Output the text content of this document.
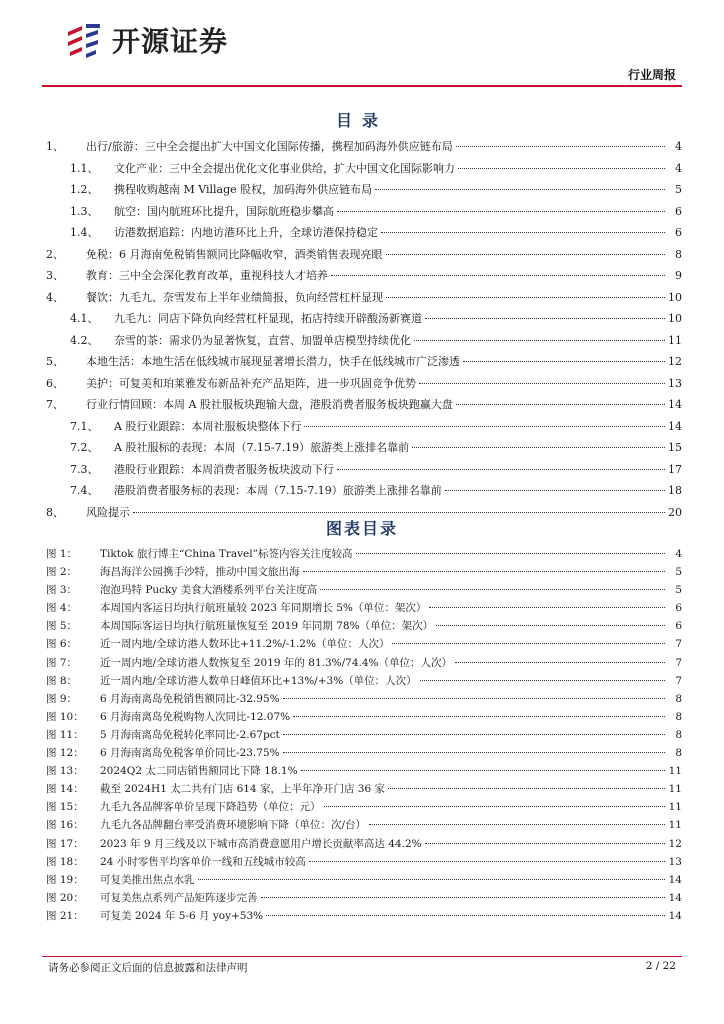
开源证券
行业周报
目录
1、	出行/旅游：三中全会提出扩大中国文化国际传播，携程加码海外供应链布局	4
1.1、	文化产业：三中全会提出优化文化事业供给，扩大中国文化国际影响力	4
1.2、	携程收购越南 M Village 股权，加码海外供应链布局	5
1.3、	航空：国内航班环比提升，国际航班稳步攀高	6
1.4、	访港数据追踪：内地访港环比上升，全球访港保持稳定	6
2、	免税：6 月海南免税销售额同比降幅收窄，酒类销售表现亮眼	8
3、	教育：三中全会深化教育改革，重视科技人才培养	9
4、	餐饮：九毛九、奈雪发布上半年业绩简报，负向经营杠杆显现	10
4.1、	九毛九：同店下降负向经营杠杆显现，拓店持续开辟酸汤新赛道	10
4.2、	奈雪的茶：需求仍为显著恢复，直营、加盟单店模型持续优化	11
5、	本地生活：本地生活在低线城市展现显著增长潜力，快手在低线城市广泛渗透	12
6、	美护：可复美和珀莱雅发布新品补充产品矩阵，进一步巩固竞争优势	13
7、	行业行情回顾：本周 A 股社服板块跑输大盘，港股消费者服务板块跑赢大盘	14
7.1、	A 股行业跟踪：本周社服板块整体下行	14
7.2、	A 股社服标的表现：本周（7.15-7.19）旅游类上涨排名靠前	15
7.3、	港股行业跟踪：本周消费者服务板块波动下行	17
7.4、	港股消费者服务标的表现：本周（7.15-7.19）旅游类上涨排名靠前	18
8、	风险提示	20
图表目录
图 1：	Tiktok 旅行博主“China Travel”标签内容关注度较高	4
图 2：	海昌海洋公园携手沙特，推动中国文旅出海	5
图 3：	泡泡玛特 Pucky 美食大酒楼系列平台关注度高	5
图 4：	本周国内客运日均执行航班量较 2023 年同期增长 5%（单位：架次）	6
图 5：	本周国际客运日均执行航班量恢复至 2019 年同期 78%（单位：架次）	6
图 6：	近一周内地/全球访港人数环比+11.2%/-1.2%（单位：人次）	7
图 7：	近一周内地/全球访港人数恢复至 2019 年的 81.3%/74.4%（单位：人次）	7
图 8：	近一周内地/全球访港人数单日峰值环比+13%/+3%（单位：人次）	7
图 9：	6 月海南离岛免税销售额同比-32.95%	8
图 10：	6 月海南离岛免税购物人次同比-12.07%	8
图 11：	5 月海南离岛免税转化率同比-2.67pct	8
图 12：	6 月海南离岛免税客单价同比-23.75%	8
图 13：	2024Q2 太二同店销售额同比下降 18.1%	11
图 14：	截至 2024H1 太二共有门店 614 家，上半年净开门店 36 家	11
图 15：	九毛九各品牌客单价呈现下降趋势（单位：元）	11
图 16：	九毛九各品牌翻台率受消费环境影响下降（单位：次/台）	11
图 17：	2023 年 9 月三线及以下城市高消费意愿用户增长贡献率高达 44.2%	12
图 18：	24 小时零售平均客单价一线和五线城市较高	13
图 19：	可复美推出焦点水乳	14
图 20：	可复美焦点系列产品矩阵逐步完善	14
图 21：	可复美 2024 年 5-6 月 yoy+53%	14
请务必参阅正文后面的信息披露和法律声明	2 / 22
